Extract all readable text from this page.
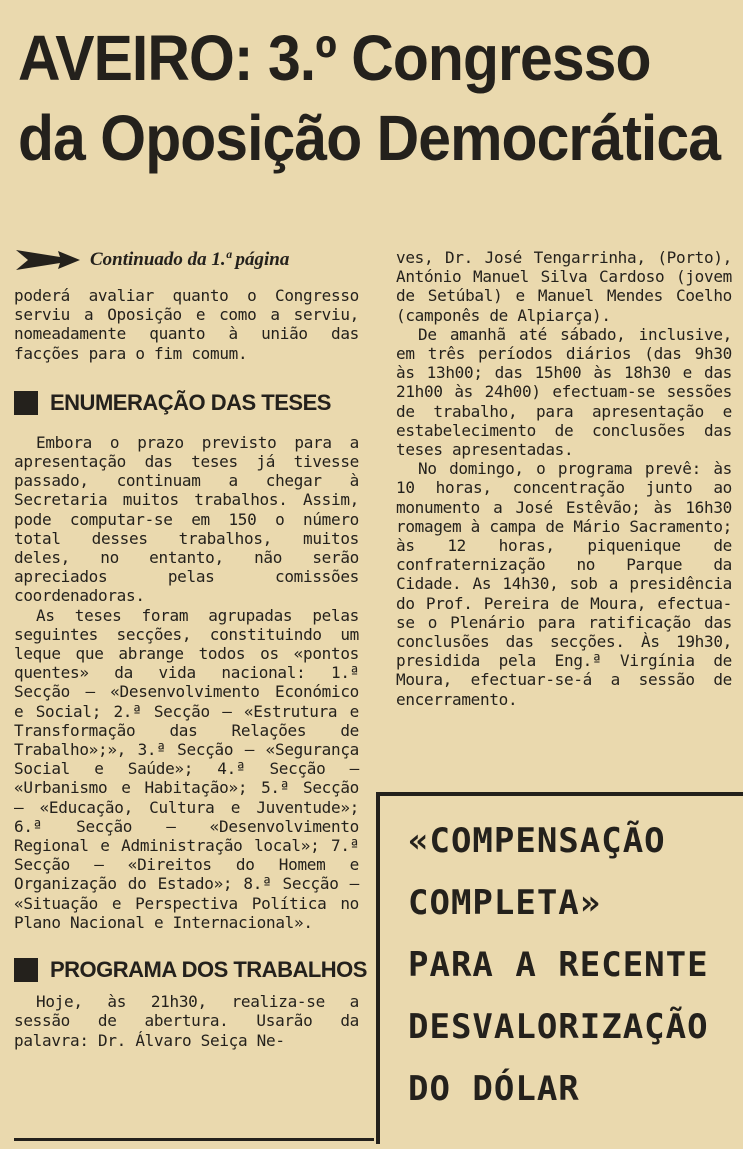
AVEIRO: 3.º Congresso
da Oposição Democrática
Continuado da 1.ª página

poderá avaliar quanto o Congresso serviu a Oposição e como a serviu, nomeadamente quanto à união das facções para o fim comum.

ENUMERAÇÃO DAS TESES

Embora o prazo previsto para a apresentação das teses já tivesse passado, continuam a chegar à Secretaria muitos trabalhos. Assim, pode computar-se em 150 o número total desses trabalhos, muitos deles, no entanto, não serão apreciados pelas comissões coordenadoras.

As teses foram agrupadas pelas seguintes secções, constituindo um leque que abrange todos os «pontos quentes» da vida nacional: 1.ª Secção — «Desenvolvimento Económico e Social; 2.ª Secção — «Estrutura e Transformação das Relações de Trabalho»;», 3.ª Secção — «Segurança Social e Saúde»; 4.ª Secção — «Urbanismo e Habitação»; 5.ª Secção — «Educação, Cultura e Juventude»; 6.ª Secção — «Desenvolvimento Regional e Administração local»; 7.ª Secção — «Direitos do Homem e Organização do Estado»; 8.ª Secção — «Situação e Perspectiva Política no Plano Nacional e Internacional».

PROGRAMA DOS TRABALHOS

Hoje, às 21h30, realiza-se a sessão de abertura. Usarão da palavra: Dr. Álvaro Seiça Ne-

ves, Dr. José Tengarrinha, (Porto), António Manuel Silva Cardoso (jovem de Setúbal) e Manuel Mendes Coelho (camponês de Alpiarça).

De amanhã até sábado, inclusive, em três períodos diários (das 9h30 às 13h00; das 15h00 às 18h30 e das 21h00 às 24h00) efectuam-se sessões de trabalho, para apresentação e estabelecimento de conclusões das teses apresentadas.

No domingo, o programa prevê: às 10 horas, concentração junto ao monumento a José Estêvão; às 16h30 romagem à campa de Mário Sacramento; às 12 horas, piquenique de confraternização no Parque da Cidade. As 14h30, sob a presidência do Prof. Pereira de Moura, efectua-se o Plenário para ratificação das conclusões das secções. Às 19h30, presidida pela Eng.ª Virgínia de Moura, efectuar-se-á a sessão de encerramento.

«COMPENSAÇÃO
COMPLETA»
PARA A RECENTE
DESVALORIZAÇÃO
DO DÓLAR
